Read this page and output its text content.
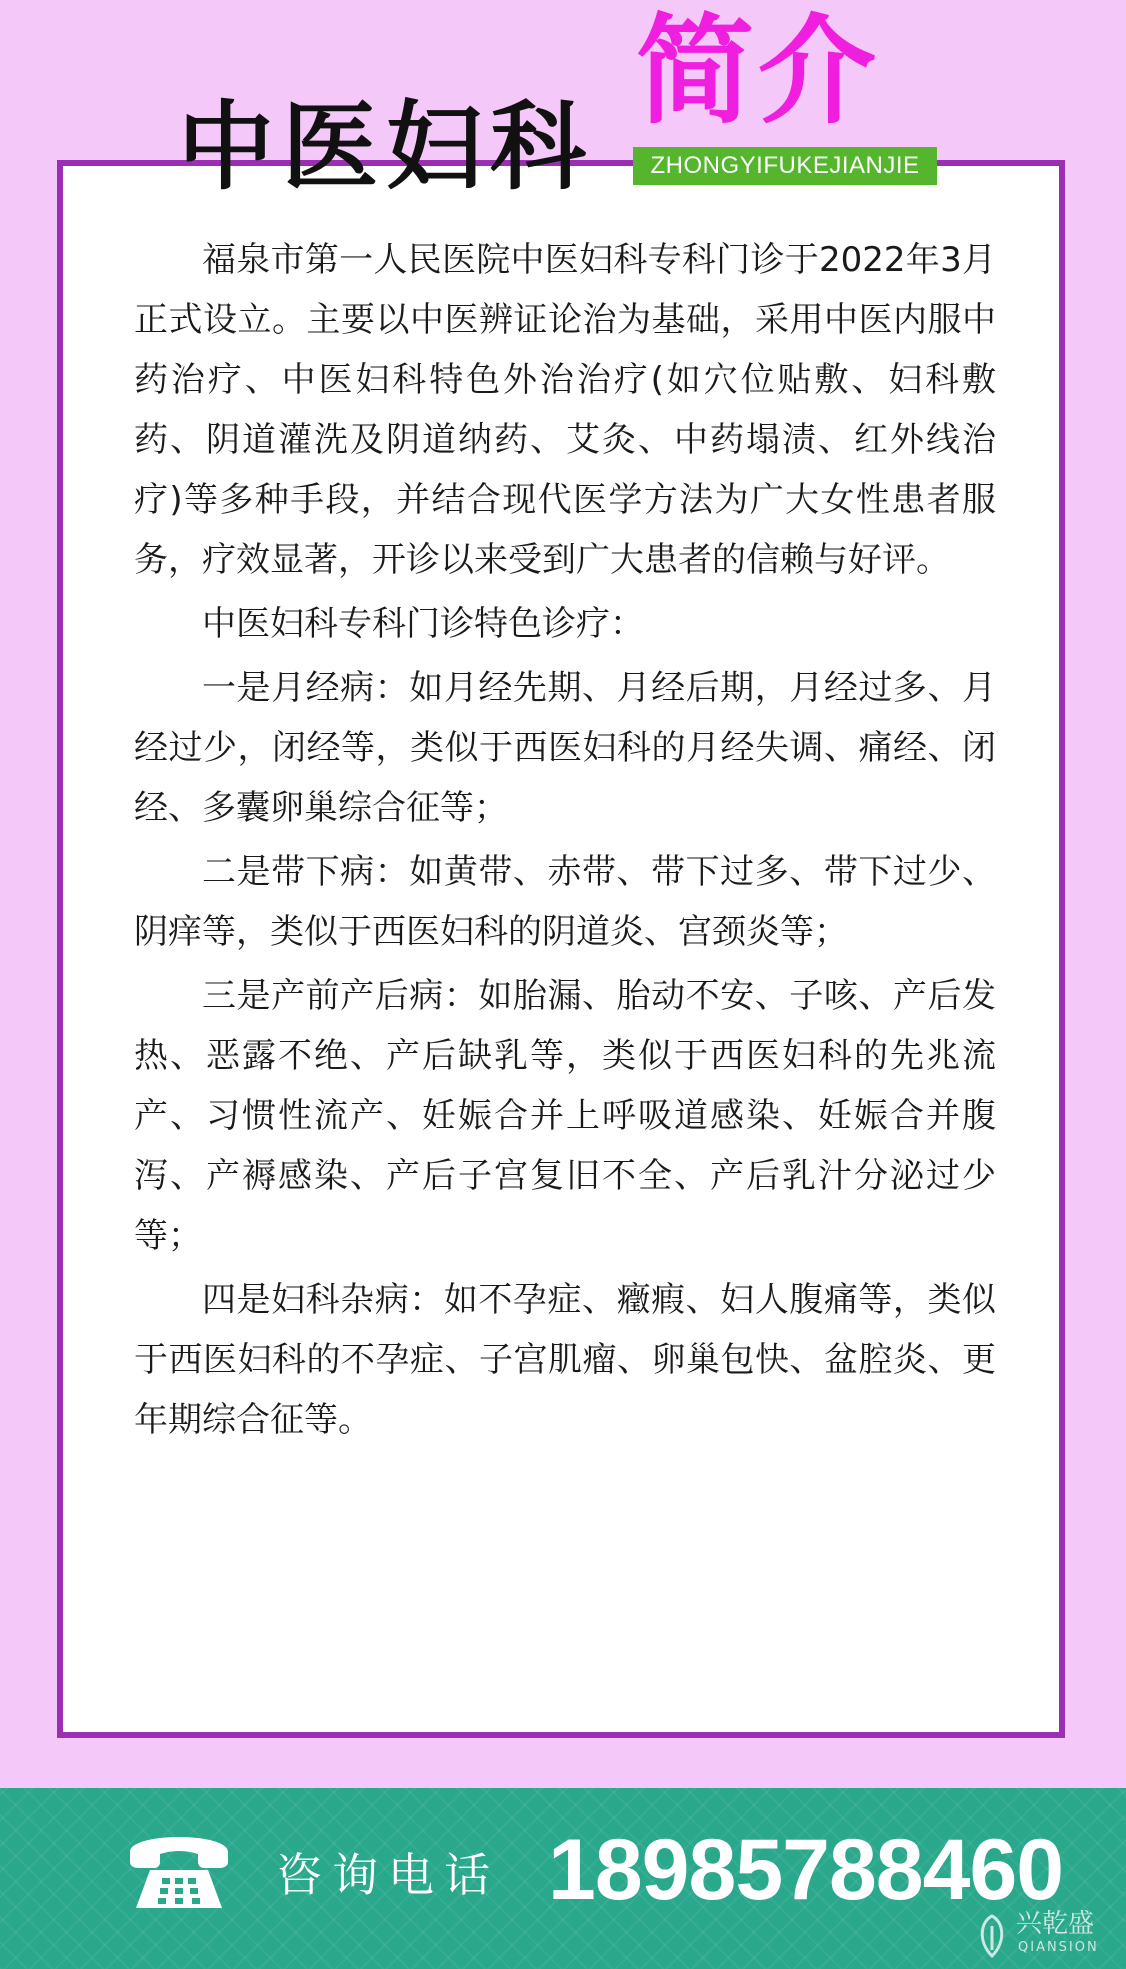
中医妇科
简介
ZHONGYIFUKEJIANJIE

福泉市第一人民医院中医妇科专科门诊于2022年3月正式设立。主要以中医辨证论治为基础，采用中医内服中药治疗、中医妇科特色外治治疗(如穴位贴敷、妇科敷药、阴道灌洗及阴道纳药、艾灸、中药塌渍、红外线治疗)等多种手段，并结合现代医学方法为广大女性患者服务，疗效显著，开诊以来受到广大患者的信赖与好评。

中医妇科专科门诊特色诊疗：

一是月经病：如月经先期、月经后期，月经过多、月经过少，闭经等，类似于西医妇科的月经失调、痛经、闭经、多囊卵巢综合征等；

二是带下病：如黄带、赤带、带下过多、带下过少、阴痒等，类似于西医妇科的阴道炎、宫颈炎等；

三是产前产后病：如胎漏、胎动不安、子咳、产后发热、恶露不绝、产后缺乳等，类似于西医妇科的先兆流产、习惯性流产、妊娠合并上呼吸道感染、妊娠合并腹泻、产褥感染、产后子宫复旧不全、产后乳汁分泌过少等；

四是妇科杂病：如不孕症、癥瘕、妇人腹痛等，类似于西医妇科的不孕症、子宫肌瘤、卵巢包快、盆腔炎、更年期综合征等。

咨询电话 18985788460
兴乾盛
QIANSION
